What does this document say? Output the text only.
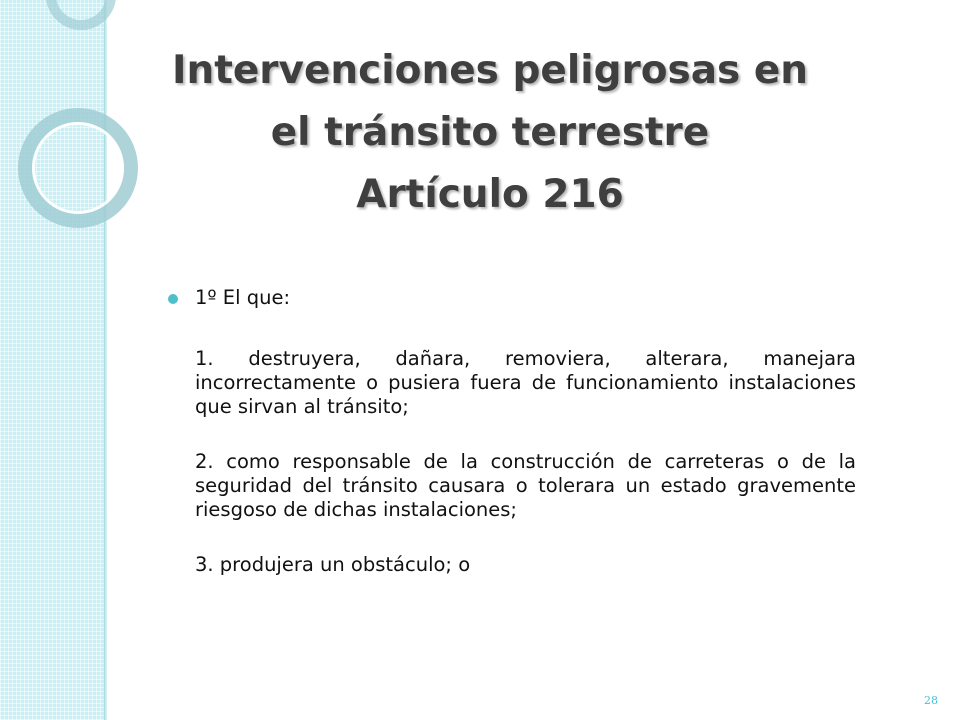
Intervenciones peligrosas en
el tránsito terrestre
Artículo 216
1º El que:

1. destruyera, dañara, removiera, alterara, manejara incorrectamente o pusiera fuera de funcionamiento instalaciones que sirvan al tránsito;

2. como responsable de la construcción de carreteras o de la seguridad del tránsito causara o tolerara un estado gravemente riesgoso de dichas instalaciones;

3. produjera un obstáculo; o

28
